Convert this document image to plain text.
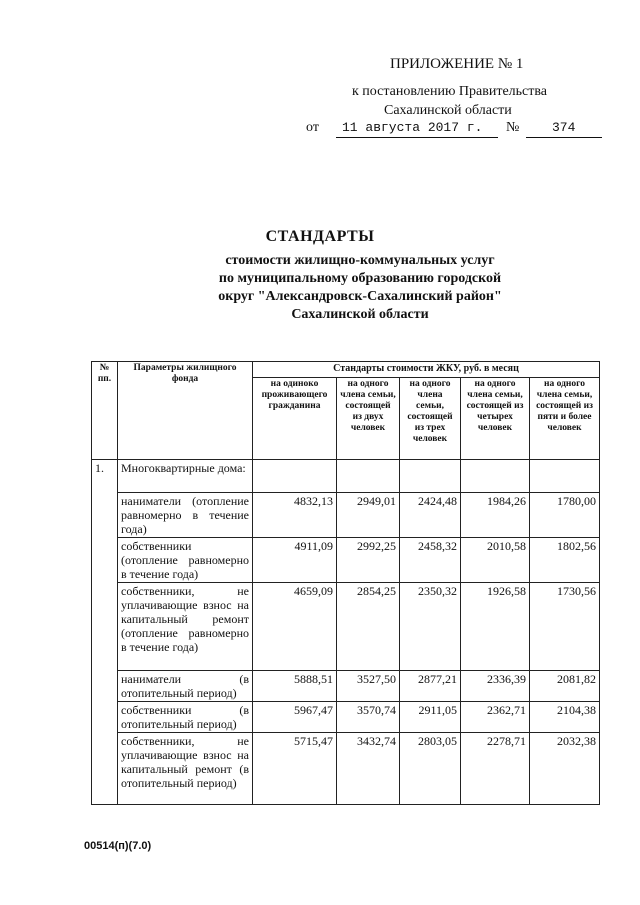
ПРИЛОЖЕНИЕ № 1
к постановлению Правительства
Сахалинской области
от 11 августа 2017 г. №	374
СТАНДАРТЫ
стоимости жилищно-коммунальных услуг
по муниципальному образованию городской
округ "Александровск-Сахалинский район"
Сахалинской области
№ пп.	Параметры жилищного фонда	Стандарты стоимости ЖКУ, руб. в месяц				
		на одиноко проживающего гражданина	на одного члена семьи, состоящей из двух человек	на одного члена семьи, состоящей из трех человек	на одного члена семьи, состоящей из четырех человек	на одного члена семьи, состоящей из пяти и более человек
1.	Многоквартирные дома:					
	наниматели (отопление равномерно в течение года)	4832,13	2949,01	2424,48	1984,26	1780,00
	собственники (отопление равномерно в течение года)	4911,09	2992,25	2458,32	2010,58	1802,56
	собственники, не уплачивающие взнос на капитальный ремонт (отопление равномерно в течение года)	4659,09	2854,25	2350,32	1926,58	1730,56
	наниматели (в отопительный период)	5888,51	3527,50	2877,21	2336,39	2081,82
	собственники (в отопительный период)	5967,47	3570,74	2911,05	2362,71	2104,38
	собственники, не уплачивающие взнос на капитальный ремонт (в отопительный период)	5715,47	3432,74	2803,05	2278,71	2032,38
00514(п)(7.0)
